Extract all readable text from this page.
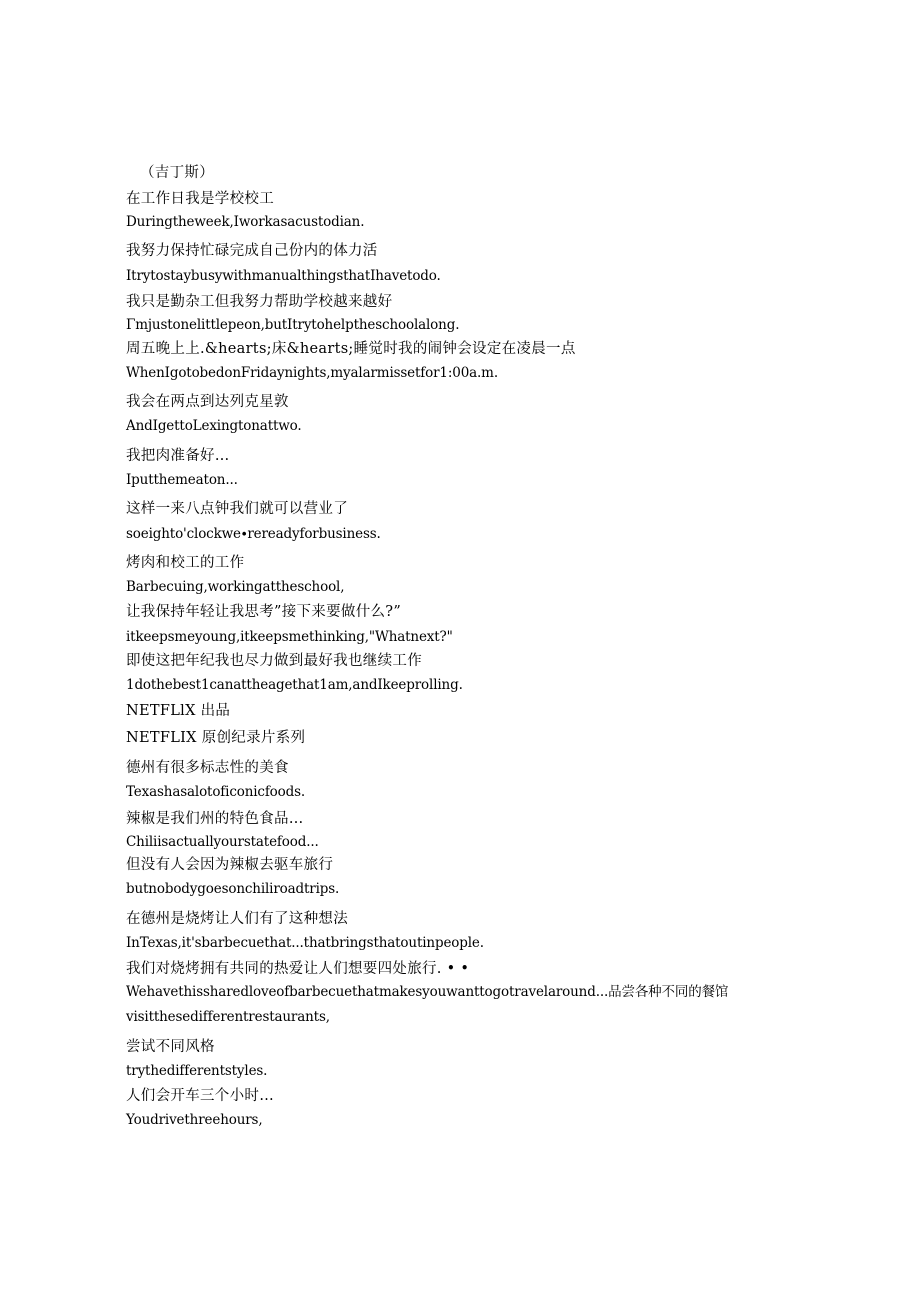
（吉丁斯）
在工作日我是学校校工
Duringtheweek,Iworkasacustodian.
我努力保持忙碌完成自己份内的体力活
ItrytostaybusywithmanualthingsthatIhavetodo.
我只是勤杂工但我努力帮助学校越来越好
Γmjustonelittlepeon,butItrytohelptheschoolalong.
周五晚上上.&hearts;床&hearts;睡觉时我的闹钟会设定在凌晨一点
WhenIgotobedonFridaynights,myalarmissetfor1:00a.m.
我会在两点到达列克星敦
AndIgettoLexingtonattwo.
我把肉准备好…
Iputthemeaton...
这样一来八点钟我们就可以营业了
soeighto'clockwe∙rereadyforbusiness.
烤肉和校工的工作
Barbecuing,workingattheschool,
让我保持年轻让我思考”接下来要做什么?”
itkeepsmeyoung,itkeepsmethinking,"Whatnext?"
即使这把年纪我也尽力做到最好我也继续工作
1dothebest1canattheagethat1am,andIkeeprolling.
NETFLlX 出品
NETFLIX 原创纪录片系列
德州有很多标志性的美食
Texashasalotoficonicfoods.
辣椒是我们州的特色食品…
Chiliisactuallyourstatefood...
但没有人会因为辣椒去驱车旅行
butnobodygoesonchiliroadtrips.
在德州是烧烤让人们有了这种想法
InTexas,it'sbarbecuethat...thatbringsthatoutinpeople.
我们对烧烤拥有共同的热爱让人们想要四处旅行. • •
Wehavethissharedloveofbarbecuethatmakesyouwanttogotravelaround...品尝各种不同的餐馆
visitthesedifferentrestaurants,
尝试不同风格
trythedifferentstyles.
人们会开车三个小时…
Youdrivethreehours,
